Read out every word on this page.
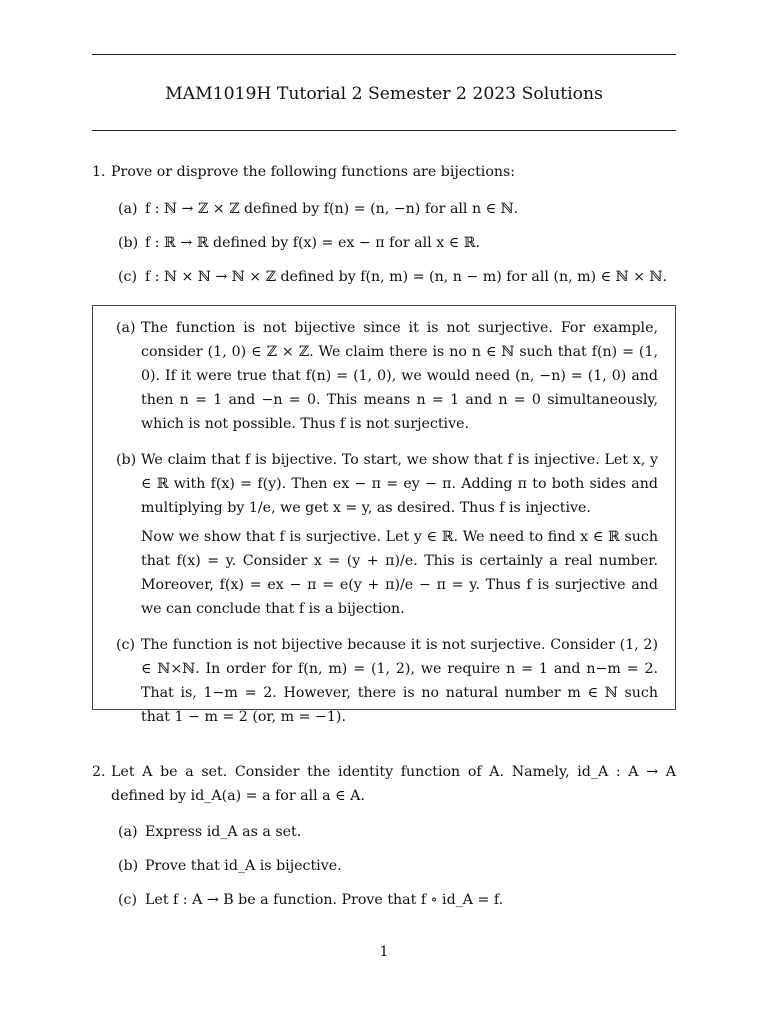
MAM1019H Tutorial 2 Semester 2 2023 Solutions
1. Prove or disprove the following functions are bijections:
(a) f : ℕ → ℤ × ℤ defined by f(n) = (n, −n) for all n ∈ ℕ.
(b) f : ℝ → ℝ defined by f(x) = ex − π for all x ∈ ℝ.
(c) f : ℕ × ℕ → ℕ × ℤ defined by f(n, m) = (n, n − m) for all (n, m) ∈ ℕ × ℕ.
(a) The function is not bijective since it is not surjective. For example, consider (1, 0) ∈ ℤ × ℤ. We claim there is no n ∈ ℕ such that f(n) = (1, 0). If it were true that f(n) = (1, 0), we would need (n, −n) = (1, 0) and then n = 1 and −n = 0. This means n = 1 and n = 0 simultaneously, which is not possible. Thus f is not surjective.
(b) We claim that f is bijective. To start, we show that f is injective. Let x, y ∈ ℝ with f(x) = f(y). Then ex − π = ey − π. Adding π to both sides and multiplying by 1/e, we get x = y, as desired. Thus f is injective.
Now we show that f is surjective. Let y ∈ ℝ. We need to find x ∈ ℝ such that f(x) = y. Consider x = (y + π)/e. This is certainly a real number. Moreover, f(x) = ex − π = e(y + π)/e − π = y. Thus f is surjective and we can conclude that f is a bijection.
(c) The function is not bijective because it is not surjective. Consider (1, 2) ∈ ℕ×ℕ. In order for f(n, m) = (1, 2), we require n = 1 and n−m = 2. That is, 1−m = 2. However, there is no natural number m ∈ ℕ such that 1 − m = 2 (or, m = −1).
2. Let A be a set. Consider the identity function of A. Namely, id_A : A → A defined by id_A(a) = a for all a ∈ A.
(a) Express id_A as a set.
(b) Prove that id_A is bijective.
(c) Let f : A → B be a function. Prove that f ∘ id_A = f.
1
